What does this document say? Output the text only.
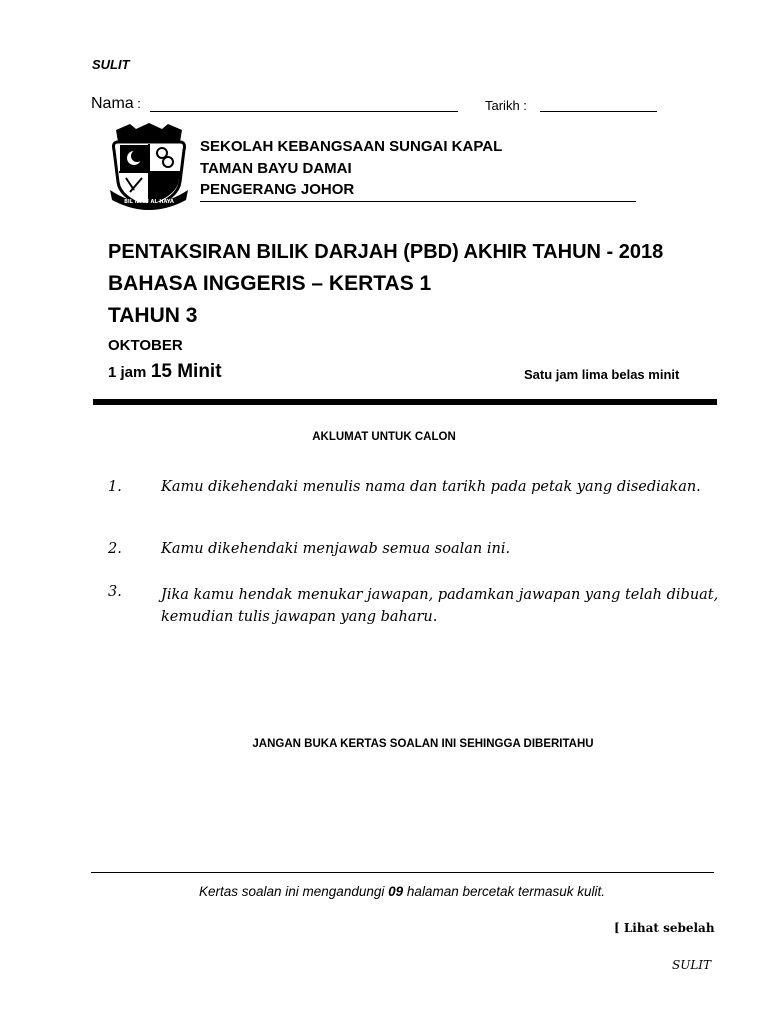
SULIT
Nama :	Tarikh :
BIL ILMU AL HAYA
SEKOLAH KEBANGSAAN SUNGAI KAPAL
TAMAN BAYU DAMAI
PENGERANG JOHOR
PENTAKSIRAN BILIK DARJAH (PBD) AKHIR TAHUN - 2018
BAHASA INGGERIS – KERTAS 1
TAHUN 3
OKTOBER
1 jam 15 Minit	Satu jam lima belas minit
AKLUMAT UNTUK CALON
1.	Kamu dikehendaki menulis nama dan tarikh pada petak yang disediakan.
2.	Kamu dikehendaki menjawab semua soalan ini.
3.	Jika kamu hendak menukar jawapan, padamkan jawapan yang telah dibuat, kemudian tulis jawapan yang baharu.
JANGAN BUKA KERTAS SOALAN INI SEHINGGA DIBERITAHU
Kertas soalan ini mengandungi 09 halaman bercetak termasuk kulit.
[ Lihat sebelah
SULIT
